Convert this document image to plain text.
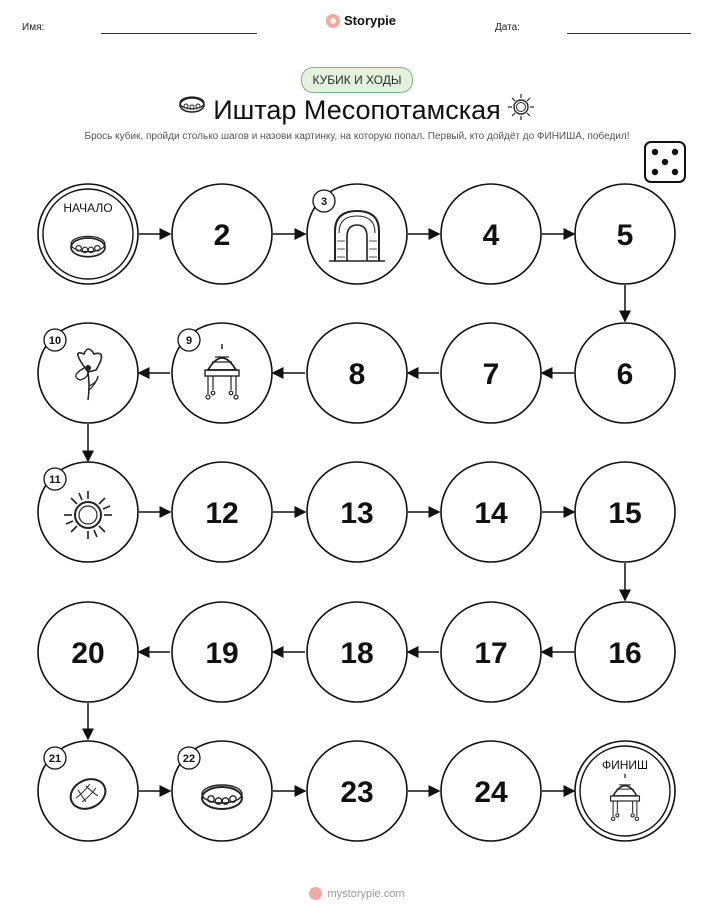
Имя:	Storypie	Дата:
КУБИК И ХОДЫ
Иштар Месопотамская
Брось кубик, пройди столько шагов и назови картинку, на которую попал. Первый, кто дойдёт до ФИНИША, победил!
НАЧАЛО
2
3
4	5
6
7
8
9
10
11
12	13	14	15
16
17
18
19
20
21	22
23	24
ФИНИШ
mystorypie.com
